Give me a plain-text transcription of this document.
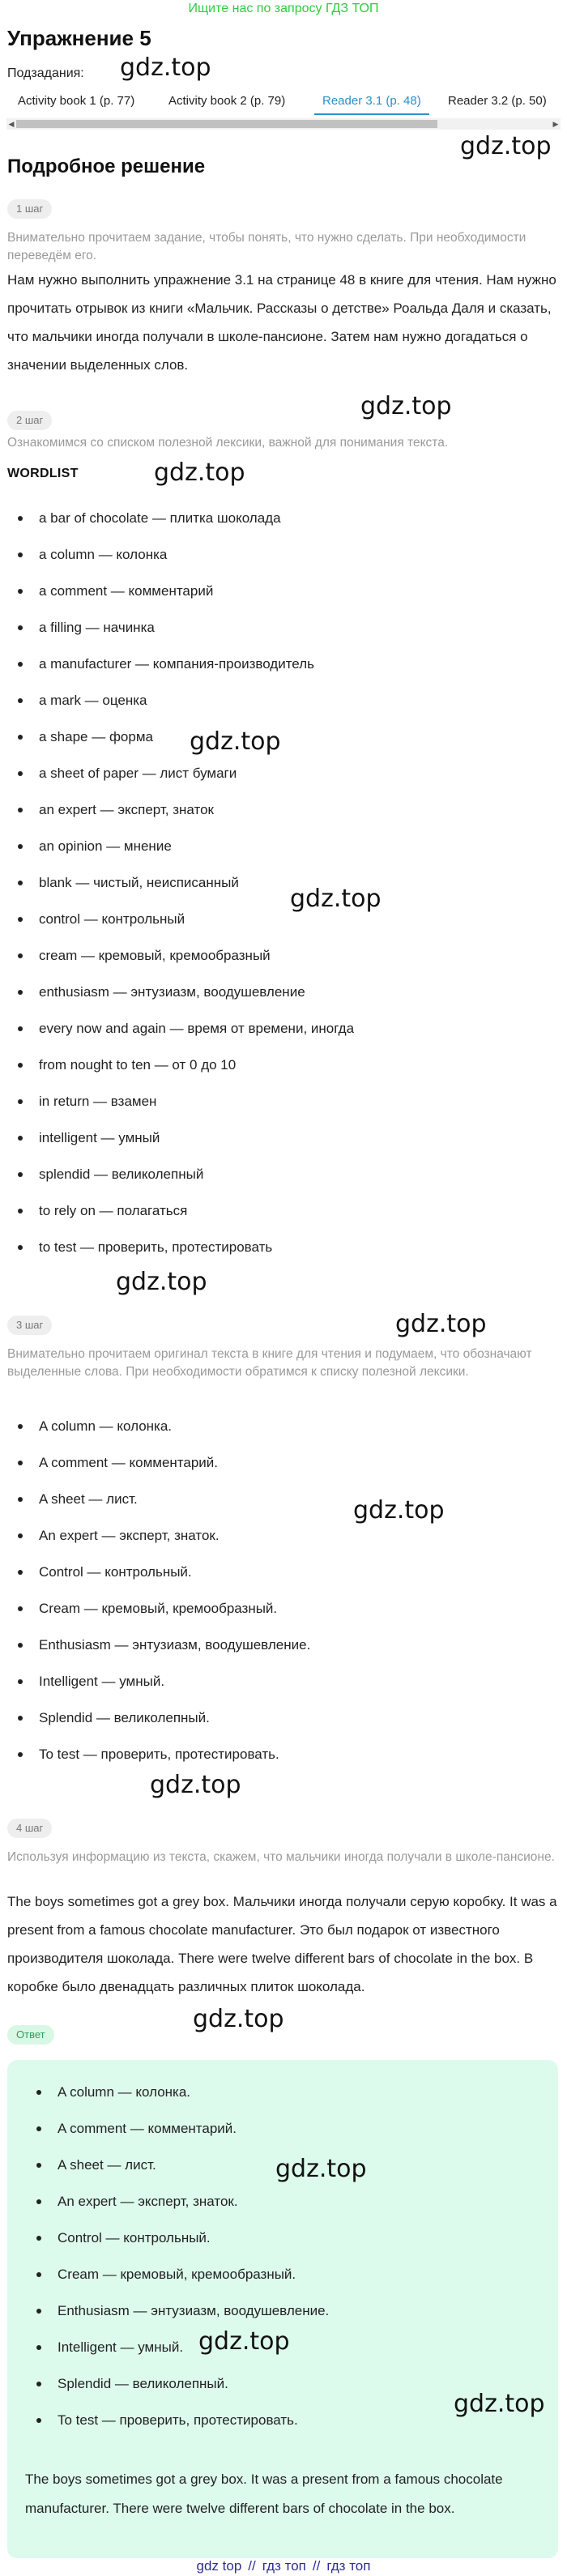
Ищите нас по запросу ГДЗ ТОП
Упражнение 5
Подзадания: gdz.top
Activity book 1 (p. 77)	Activity book 2 (p. 79)	Reader 3.1 (p. 48)	Reader 3.2 (p. 50)
◀	▶
gdz.top
Подробное решение
1 шаг
Внимательно прочитаем задание, чтобы понять, что нужно сделать. При необходимости переведём его.
Нам нужно выполнить упражнение 3.1 на странице 48 в книге для чтения. Нам нужно прочитать отрывок из книги «Мальчик. Рассказы о детстве» Роальда Даля и сказать, что мальчики иногда получали в школе-пансионе. Затем нам нужно догадаться о значении выделенных слов.
gdz.top
2 шаг
Ознакомимся со списком полезной лексики, важной для понимания текста.
WORDLIST	gdz.top
a bar of chocolate — плитка шоколада
a column — колонка
a comment — комментарий
a filling — начинка
a manufacturer — компания-производитель
a mark — оценка
a shape — форма
a sheet of paper — лист бумаги
an expert — эксперт, знаток
an opinion — мнение
blank — чистый, неисписанный
control — контрольный
cream — кремовый, кремообразный
enthusiasm — энтузиазм, воодушевление
every now and again — время от времени, иногда
from nought to ten — от 0 до 10
in return — взамен
intelligent — умный
splendid — великолепный
to rely on — полагаться
to test — проверить, протестировать
gdz.top
gdz.top
gdz.top
gdz.top
3 шаг
Внимательно прочитаем оригинал текста в книге для чтения и подумаем, что обозначают выделенные слова. При необходимости обратимся к списку полезной лексики.
A column — колонка.
A comment — комментарий.
A sheet — лист.
An expert — эксперт, знаток.
Control — контрольный.
Cream — кремовый, кремообразный.
Enthusiasm — энтузиазм, воодушевление.
Intelligent — умный.
Splendid — великолепный.
To test — проверить, протестировать.
gdz.top
gdz.top
4 шаг
Используя информацию из текста, скажем, что мальчики иногда получали в школе-пансионе.
The boys sometimes got a grey box. Мальчики иногда получали серую коробку. It was a present from a famous chocolate manufacturer. Это был подарок от известного производителя шоколада. There were twelve different bars of chocolate in the box. В коробке было двенадцать различных плиток шоколада.
gdz.top
Ответ
A column — колонка.
A comment — комментарий.
A sheet — лист.
An expert — эксперт, знаток.
Control — контрольный.
Cream — кремовый, кремообразный.
Enthusiasm — энтузиазм, воодушевление.
Intelligent — умный.
Splendid — великолепный.
To test — проверить, протестировать.
The boys sometimes got a grey box. It was a present from a famous chocolate manufacturer. There were twelve different bars of chocolate in the box.
gdz.top
gdz.top
gdz.top
gdz top // гдз топ // гдз топ
